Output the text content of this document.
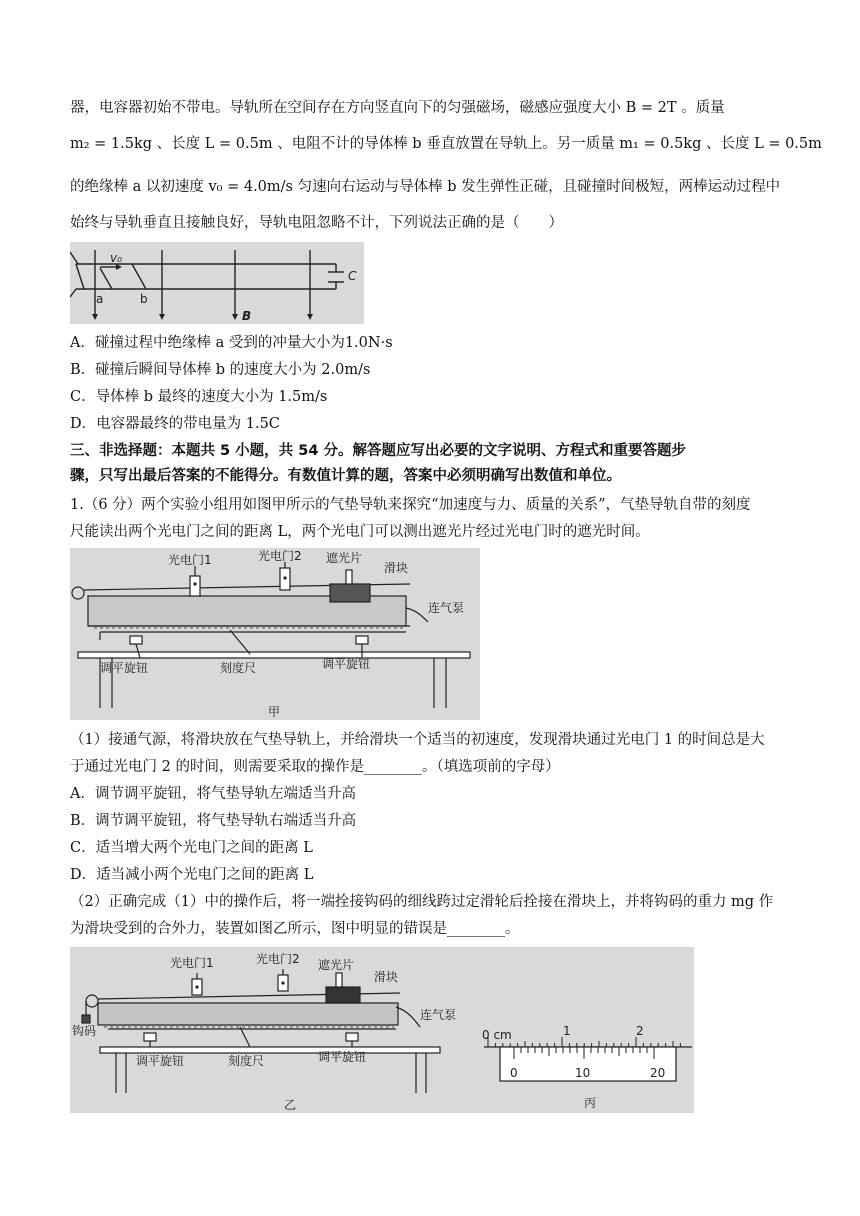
器，电容器初始不带电。导轨所在空间存在方向竖直向下的匀强磁场，磁感应强度大小 B = 2T 。质量
m₂ = 1.5kg 、长度 L = 0.5m 、电阻不计的导体棒 b 垂直放置在导轨上。另一质量 m₁ = 0.5kg 、长度 L = 0.5m
的绝缘棒 a 以初速度 v₀ = 4.0m/s 匀速向右运动与导体棒 b 发生弹性正碰，且碰撞时间极短，两棒运动过程中
始终与导轨垂直且接触良好，导轨电阻忽略不计，下列说法正确的是（　　）
v₀
a	b
B
C
A．碰撞过程中绝缘棒 a 受到的冲量大小为1.0N·s
B．碰撞后瞬间导体棒 b 的速度大小为 2.0m/s
C．导体棒 b 最终的速度大小为 1.5m/s
D．电容器最终的带电量为 1.5C
三、非选择题：本题共 5 小题，共 54 分。解答题应写出必要的文字说明、方程式和重要答题步
骤，只写出最后答案的不能得分。有数值计算的题，答案中必须明确写出数值和单位。
1.（6 分）两个实验小组用如图甲所示的气垫导轨来探究“加速度与力、质量的关系”，气垫导轨自带的刻度
尺能读出两个光电门之间的距离 L，两个光电门可以测出遮光片经过光电门时的遮光时间。
光电门1	光电门2 遮光片
滑块
连气泵
调平旋钮	刻度尺	调平旋钮
甲
（1）接通气源，将滑块放在气垫导轨上，并给滑块一个适当的初速度，发现滑块通过光电门 1 的时间总是大
于通过光电门 2 的时间，则需要采取的操作是________。（填选项前的字母）
A．调节调平旋钮，将气垫导轨左端适当升高
B．调节调平旋钮，将气垫导轨右端适当升高
C．适当增大两个光电门之间的距离 L
D．适当减小两个光电门之间的距离 L
（2）正确完成（1）中的操作后，将一端拴接钩码的细线跨过定滑轮后拴接在滑块上，并将钩码的重力 mg 作
为滑块受到的合外力，装置如图乙所示，图中明显的错误是________。
光电门1	光电门2 遮光片
滑块
连气泵
钩码
调平旋钮	刻度尺	调平旋钮
乙
0 cm	1	2
0	10	20
丙
